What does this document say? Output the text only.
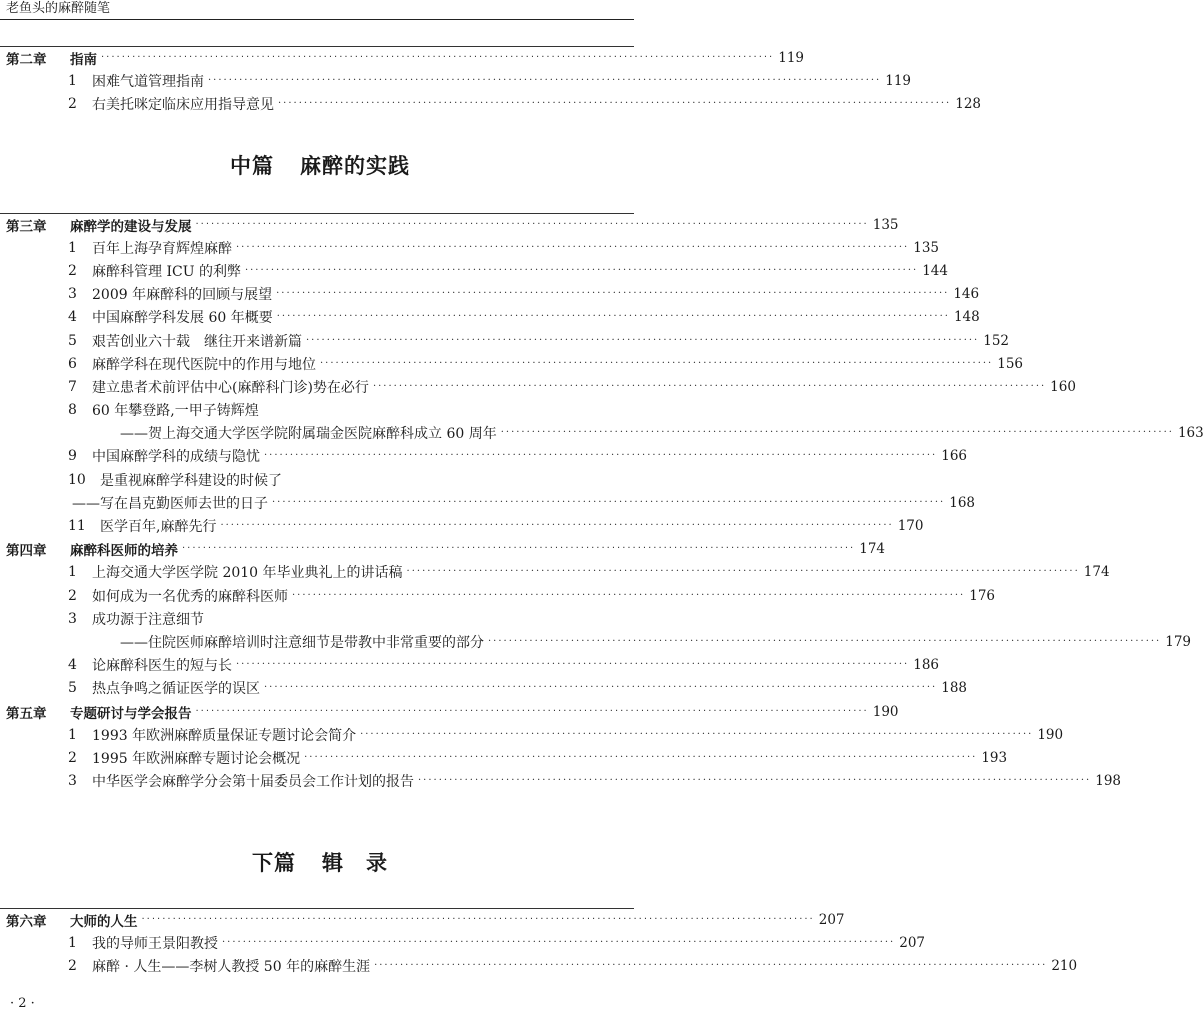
老鱼头的麻醉随笔
第二章 指南 ·································································································································· 119
1 困难气道管理指南 ·································································································································· 119
2 右美托咪定临床应用指导意见 ·································································································································· 128
中篇 麻醉的实践
第三章 麻醉学的建设与发展 ·································································································································· 135
1 百年上海孕育辉煌麻醉 ·································································································································· 135
2 麻醉科管理 ICU 的利弊 ·································································································································· 144
3 2009 年麻醉科的回顾与展望 ·································································································································· 146
4 中国麻醉学科发展 60 年概要 ·································································································································· 148
5 艰苦创业六十载　继往开来谱新篇 ·································································································································· 152
6 麻醉学科在现代医院中的作用与地位 ·································································································································· 156
7 建立患者术前评估中心(麻醉科门诊)势在必行 ·································································································································· 160
8 60 年攀登路,一甲子铸辉煌
——贺上海交通大学医学院附属瑞金医院麻醉科成立 60 周年 ·································································································································· 163
9 中国麻醉学科的成绩与隐忧 ·································································································································· 166
10 是重视麻醉学科建设的时候了
——写在昌克勤医师去世的日子 ·································································································································· 168
11 医学百年,麻醉先行 ·································································································································· 170
第四章 麻醉科医师的培养 ·································································································································· 174
1 上海交通大学医学院 2010 年毕业典礼上的讲话稿 ·································································································································· 174
2 如何成为一名优秀的麻醉科医师 ·································································································································· 176
3 成功源于注意细节
——住院医师麻醉培训时注意细节是带教中非常重要的部分 ·································································································································· 179
4 论麻醉科医生的短与长 ·································································································································· 186
5 热点争鸣之循证医学的误区 ·································································································································· 188
第五章 专题研讨与学会报告 ·································································································································· 190
1 1993 年欧洲麻醉质量保证专题讨论会简介 ·································································································································· 190
2 1995 年欧洲麻醉专题讨论会概况 ·································································································································· 193
3 中华医学会麻醉学分会第十届委员会工作计划的报告 ·································································································································· 198
下篇 辑　录
第六章 大师的人生 ·································································································································· 207
1 我的导师王景阳教授 ·································································································································· 207
2 麻醉 · 人生——李树人教授 50 年的麻醉生涯 ·································································································································· 210
· 2 ·
